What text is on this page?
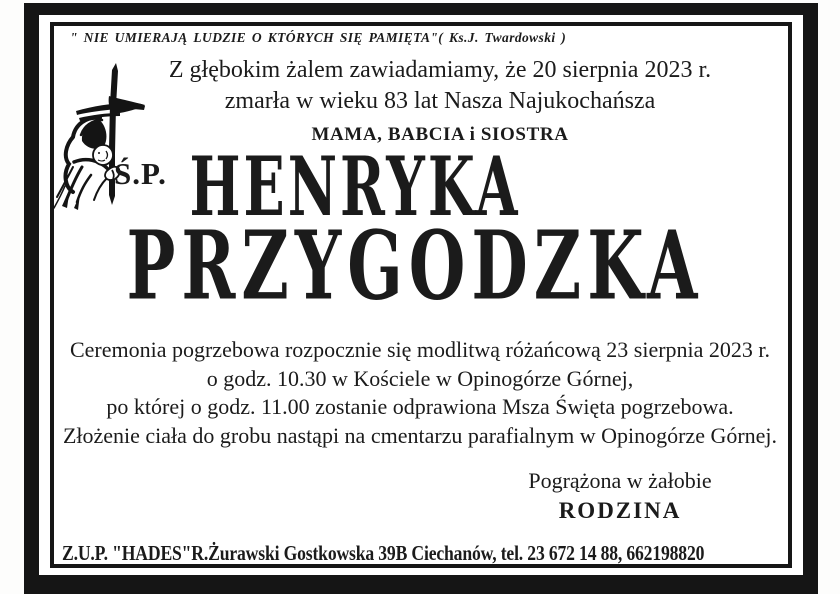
" NIE UMIERAJĄ LUDZIE O KTÓRYCH SIĘ PAMIĘTA"( Ks.J. Twardowski )
Z głębokim żalem zawiadamiamy, że 20 sierpnia 2023 r.
zmarła w wieku 83 lat Nasza Najukochańsza
MAMA, BABCIA i SIOSTRA
Ś.P. HENRYKA
PRZYGODZKA
Ceremonia pogrzebowa rozpocznie się modlitwą różańcową 23 sierpnia 2023 r.
o godz. 10.30 w Kościele w Opinogórze Górnej,
po której o godz. 11.00 zostanie odprawiona Msza Święta pogrzebowa.
Złożenie ciała do grobu nastąpi na cmentarzu parafialnym w Opinogórze Górnej.
Pogrążona w żałobie
RODZINA
Z.U.P. "HADES"R.Żurawski Gostkowska 39B Ciechanów, tel. 23 672 14 88, 662198820
